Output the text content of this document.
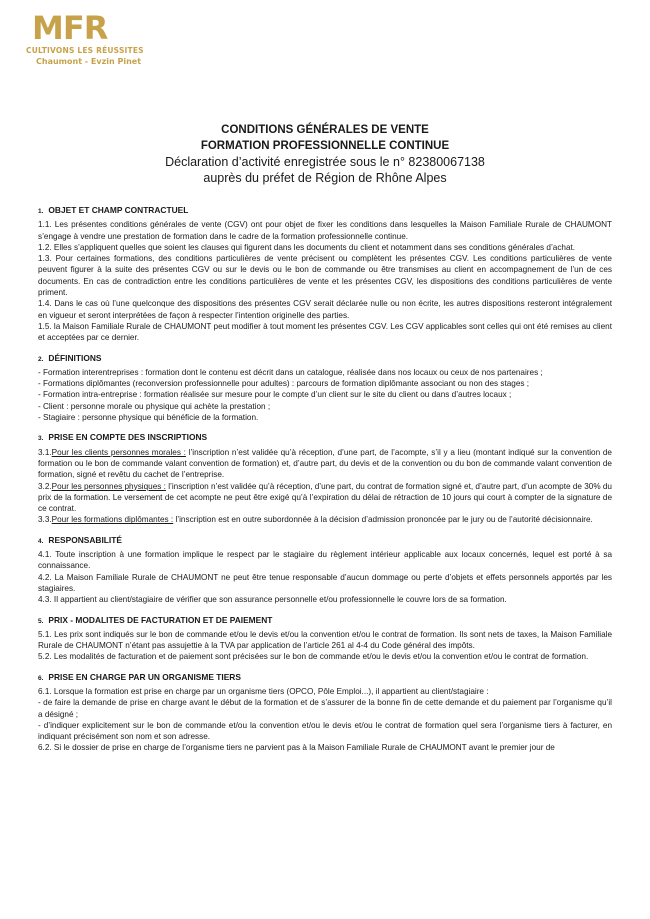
MFR
CULTIVONS LES RÉUSSITES
Chaumont - Evzin Pinet
CONDITIONS GÉNÉRALES DE VENTE
FORMATION PROFESSIONNELLE CONTINUE
Déclaration d’activité enregistrée sous le n° 82380067138
auprès du préfet de Région de Rhône Alpes
1. OBJET ET CHAMP CONTRACTUEL

1.1. Les présentes conditions générales de vente (CGV) ont pour objet de fixer les conditions dans lesquelles la Maison Familiale Rurale de CHAUMONT s’engage à vendre une prestation de formation dans le cadre de la formation professionnelle continue.

1.2. Elles s’appliquent quelles que soient les clauses qui figurent dans les documents du client et notamment dans ses conditions générales d’achat.

1.3. Pour certaines formations, des conditions particulières de vente précisent ou complètent les présentes CGV. Les conditions particulières de vente peuvent figurer à la suite des présentes CGV ou sur le devis ou le bon de commande ou être transmises au client en accompagnement de l’un de ces documents. En cas de contradiction entre les conditions particulières de vente et les présentes CGV, les dispositions des conditions particulières de vente priment.

1.4. Dans le cas où l’une quelconque des dispositions des présentes CGV serait déclarée nulle ou non écrite, les autres dispositions resteront intégralement en vigueur et seront interprétées de façon à respecter l’intention originelle des parties.

1.5. la Maison Familiale Rurale de CHAUMONT peut modifier à tout moment les présentes CGV. Les CGV applicables sont celles qui ont été remises au client et acceptées par ce dernier.

2. DÉFINITIONS

- Formation interentreprises : formation dont le contenu est décrit dans un catalogue, réalisée dans nos locaux ou ceux de nos partenaires ;

- Formations diplômantes (reconversion professionnelle pour adultes) : parcours de formation diplômante associant ou non des stages ;

- Formation intra-entreprise : formation réalisée sur mesure pour le compte d’un client sur le site du client ou dans d’autres locaux ;

- Client : personne morale ou physique qui achète la prestation ;

- Stagiaire : personne physique qui bénéficie de la formation.

3. PRISE EN COMPTE DES INSCRIPTIONS

3.1.Pour les clients personnes morales : l’inscription n’est validée qu’à réception, d’une part, de l’acompte, s’il y a lieu (montant indiqué sur la convention de formation ou le bon de commande valant convention de formation) et, d’autre part, du devis et de la convention ou du bon de commande valant convention de formation, signé et revêtu du cachet de l’entreprise.

3.2.Pour les personnes physiques : l’inscription n’est validée qu’à réception, d’une part, du contrat de formation signé et, d’autre part, d’un acompte de 30% du prix de la formation. Le versement de cet acompte ne peut être exigé qu’à l’expiration du délai de rétraction de 10 jours qui court à compter de la signature de ce contrat.

3.3.Pour les formations diplômantes : l’inscription est en outre subordonnée à la décision d’admission prononcée par le jury ou de l’autorité décisionnaire.

4. RESPONSABILITÉ

4.1. Toute inscription à une formation implique le respect par le stagiaire du règlement intérieur applicable aux locaux concernés, lequel est porté à sa connaissance.

4.2. La Maison Familiale Rurale de CHAUMONT ne peut être tenue responsable d’aucun dommage ou perte d’objets et effets personnels apportés par les stagiaires.

4.3. Il appartient au client/stagiaire de vérifier que son assurance personnelle et/ou professionnelle le couvre lors de sa formation.

5. PRIX - MODALITES DE FACTURATION ET DE PAIEMENT

5.1. Les prix sont indiqués sur le bon de commande et/ou le devis et/ou la convention et/ou le contrat de formation. Ils sont nets de taxes, la Maison Familiale Rurale de CHAUMONT n’étant pas assujettie à la TVA par application de l’article 261 al 4-4 du Code général des impôts.

5.2. Les modalités de facturation et de paiement sont précisées sur le bon de commande et/ou le devis et/ou la convention et/ou le contrat de formation.

6. PRISE EN CHARGE PAR UN ORGANISME TIERS

6.1. Lorsque la formation est prise en charge par un organisme tiers (OPCO, Pôle Emploi...), il appartient au client/stagiaire :

- de faire la demande de prise en charge avant le début de la formation et de s’assurer de la bonne fin de cette demande et du paiement par l’organisme qu’il a désigné ;

- d’indiquer explicitement sur le bon de commande et/ou la convention et/ou le devis et/ou le contrat de formation quel sera l’organisme tiers à facturer, en indiquant précisément son nom et son adresse.

6.2. Si le dossier de prise en charge de l’organisme tiers ne parvient pas à la Maison Familiale Rurale de CHAUMONT avant le premier jour de
